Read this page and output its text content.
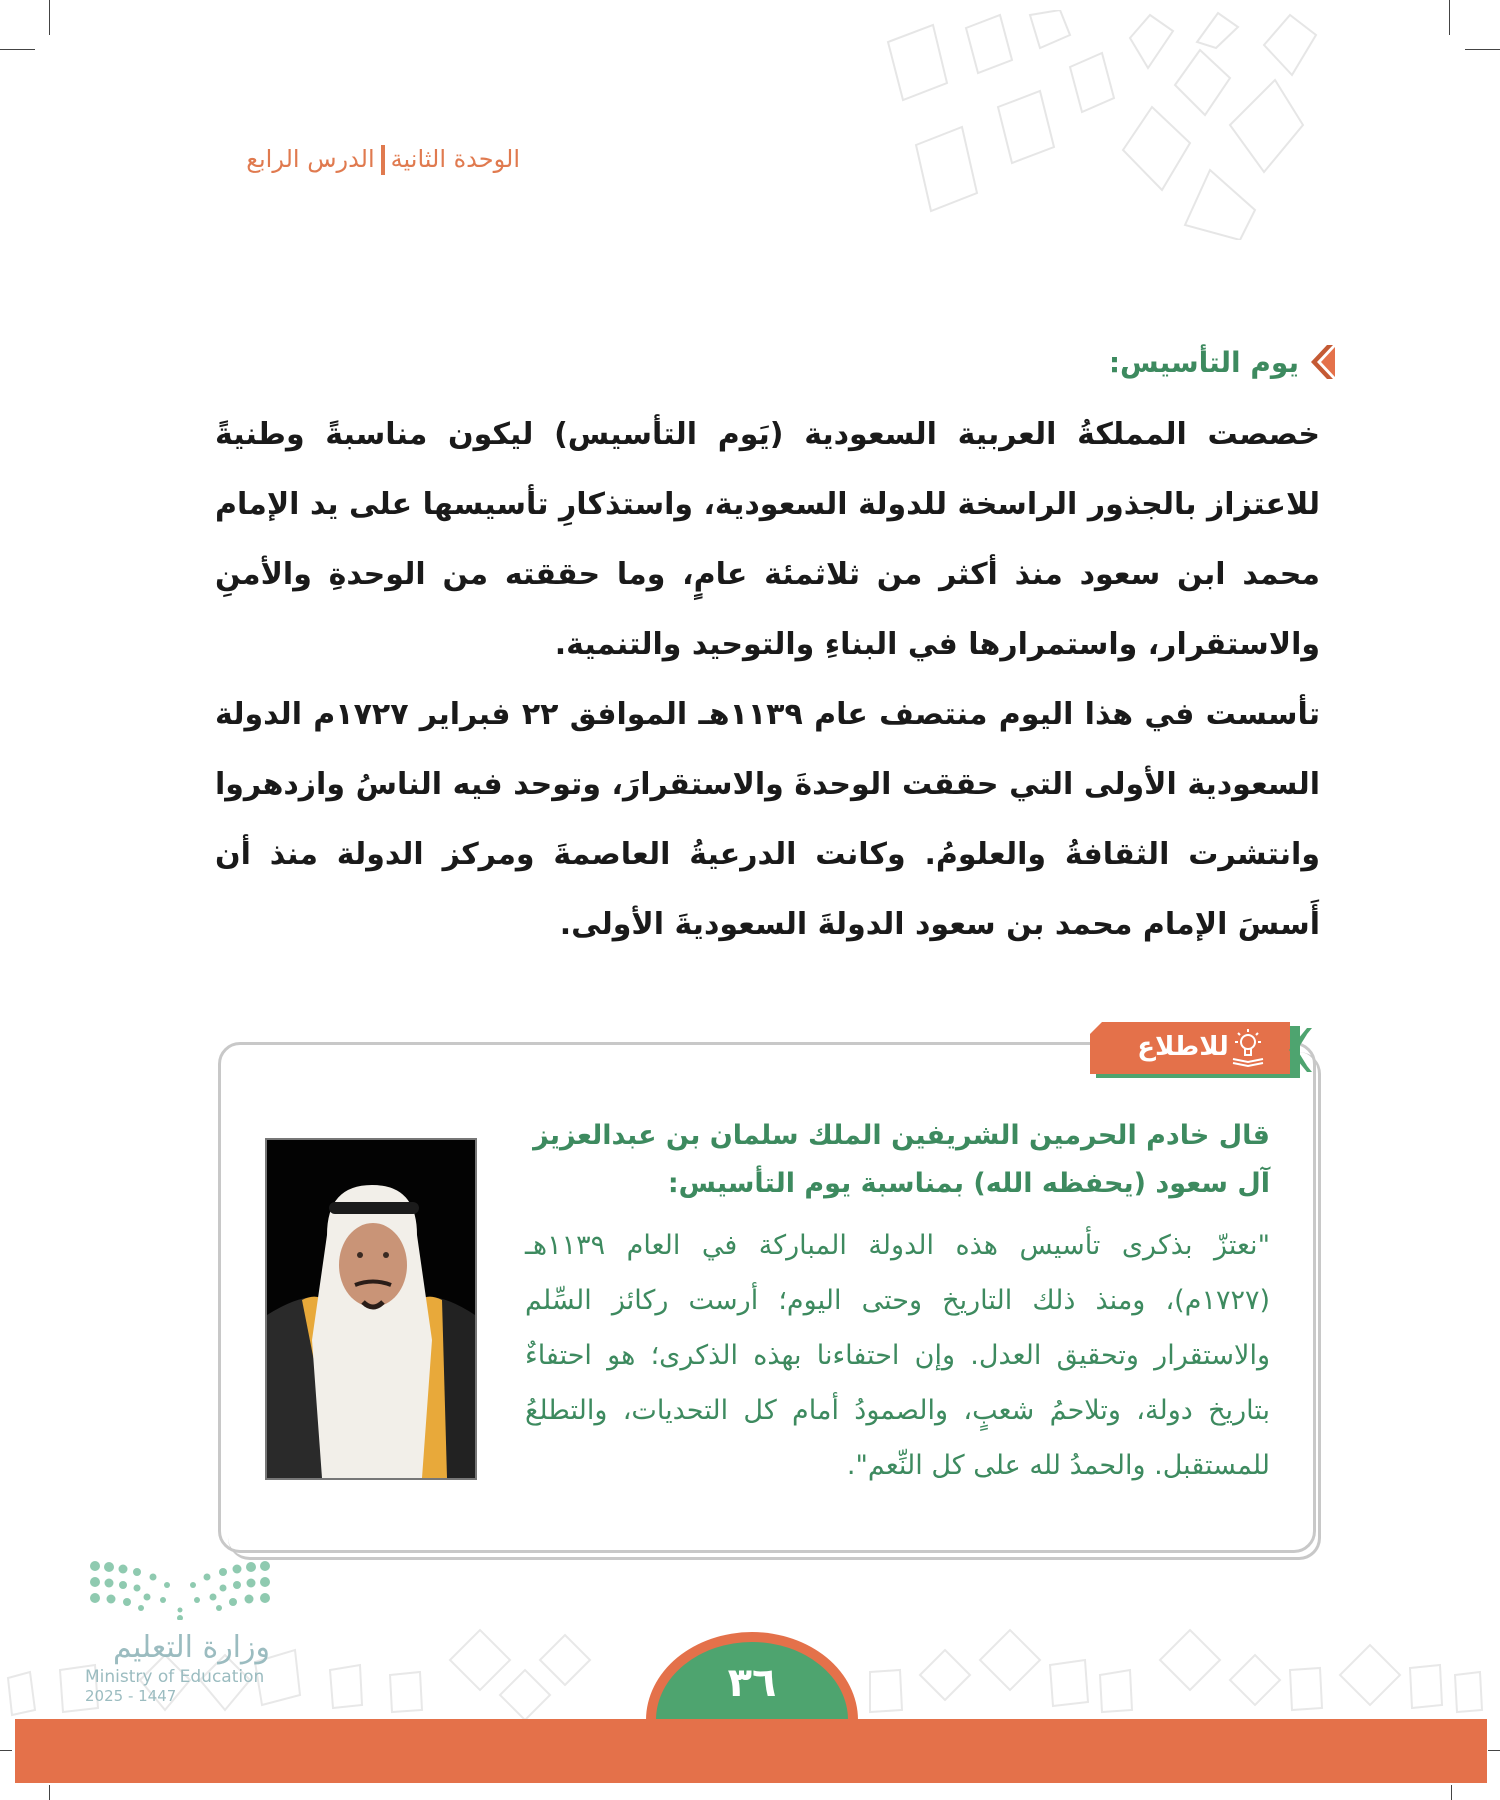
الوحدة الثانيةالدرس الرابع
يوم التأسيس:

خصصت المملكةُ العربية السعودية (يَوم التأسيس) ليكون مناسبةً وطنيةً للاعتزاز بالجذور الراسخة للدولة السعودية، واستذكارِ تأسيسها على يد الإمام محمد ابن سعود منذ أكثر من ثلاثمئة عامٍ، وما حققته من الوحدةِ والأمنِ والاستقرار، واستمرارها في البناءِ والتوحيد والتنمية.

تأسست في هذا اليوم منتصف عام ١١٣٩هـ الموافق ٢٢ فبراير ١٧٢٧م الدولة السعودية الأولى التي حققت الوحدةَ والاستقرارَ، وتوحد فيه الناسُ وازدهروا وانتشرت الثقافةُ والعلومُ. وكانت الدرعيةُ العاصمةَ ومركز الدولة منذ أن أَسسَ الإمام محمد بن سعود الدولةَ السعوديةَ الأولى.

للاطلاع
قال خادم الحرمين الشريفين الملك سلمان بن عبدالعزيز
آل سعود (يحفظه الله) بمناسبة يوم التأسيس:
"نعتزّ بذكرى تأسيس هذه الدولة المباركة في العام ١١٣٩هـ (١٧٢٧م)، ومنذ ذلك التاريخ وحتى اليوم؛ أرست ركائز السِّلم والاستقرار وتحقيق العدل. وإن احتفاءنا بهذه الذكرى؛ هو احتفاءٌ بتاريخ دولة، وتلاحمُ شعبٍ، والصمودُ أمام كل التحديات، والتطلعُ للمستقبل. والحمدُ لله على كل النِّعم".
وزارة التعليم
Ministry of Education
2025 - 1447	٣٦
